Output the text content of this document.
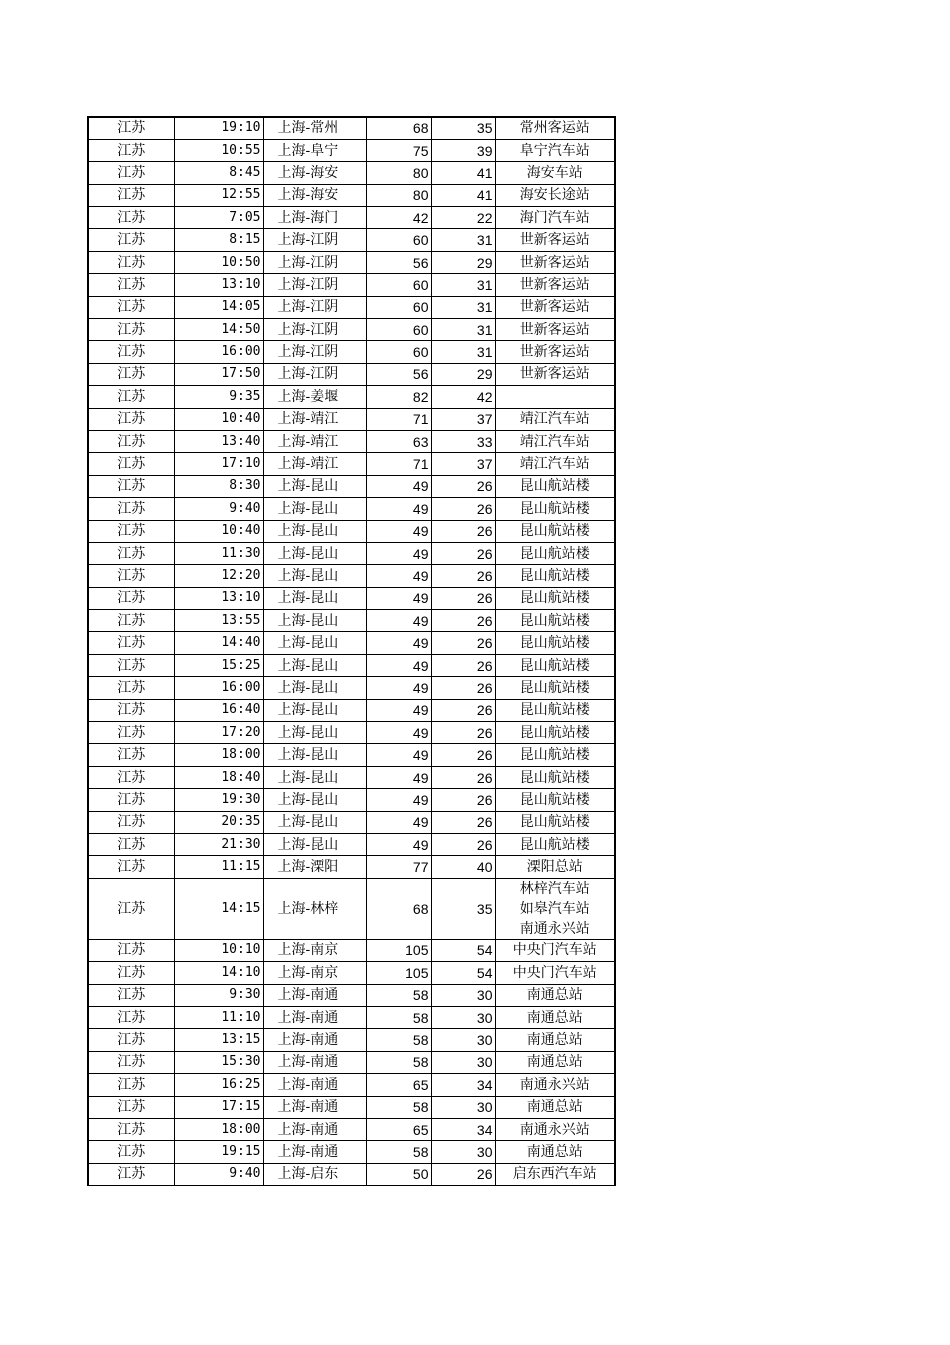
江苏	19:10	上海-常州	68	35	常州客运站
江苏	10:55	上海-阜宁	75	39	阜宁汽车站
江苏	8:45	上海-海安	80	41	海安车站
江苏	12:55	上海-海安	80	41	海安长途站
江苏	7:05	上海-海门	42	22	海门汽车站
江苏	8:15	上海-江阴	60	31	世新客运站
江苏	10:50	上海-江阴	56	29	世新客运站
江苏	13:10	上海-江阴	60	31	世新客运站
江苏	14:05	上海-江阴	60	31	世新客运站
江苏	14:50	上海-江阴	60	31	世新客运站
江苏	16:00	上海-江阴	60	31	世新客运站
江苏	17:50	上海-江阴	56	29	世新客运站
江苏	9:35	上海-姜堰	82	42	
江苏	10:40	上海-靖江	71	37	靖江汽车站
江苏	13:40	上海-靖江	63	33	靖江汽车站
江苏	17:10	上海-靖江	71	37	靖江汽车站
江苏	8:30	上海-昆山	49	26	昆山航站楼
江苏	9:40	上海-昆山	49	26	昆山航站楼
江苏	10:40	上海-昆山	49	26	昆山航站楼
江苏	11:30	上海-昆山	49	26	昆山航站楼
江苏	12:20	上海-昆山	49	26	昆山航站楼
江苏	13:10	上海-昆山	49	26	昆山航站楼
江苏	13:55	上海-昆山	49	26	昆山航站楼
江苏	14:40	上海-昆山	49	26	昆山航站楼
江苏	15:25	上海-昆山	49	26	昆山航站楼
江苏	16:00	上海-昆山	49	26	昆山航站楼
江苏	16:40	上海-昆山	49	26	昆山航站楼
江苏	17:20	上海-昆山	49	26	昆山航站楼
江苏	18:00	上海-昆山	49	26	昆山航站楼
江苏	18:40	上海-昆山	49	26	昆山航站楼
江苏	19:30	上海-昆山	49	26	昆山航站楼
江苏	20:35	上海-昆山	49	26	昆山航站楼
江苏	21:30	上海-昆山	49	26	昆山航站楼
江苏	11:15	上海-溧阳	77	40	溧阳总站
江苏	14:15	上海-林梓	68	35	林梓汽车站
如皋汽车站
南通永兴站
江苏	10:10	上海-南京	105	54	中央门汽车站
江苏	14:10	上海-南京	105	54	中央门汽车站
江苏	9:30	上海-南通	58	30	南通总站
江苏	11:10	上海-南通	58	30	南通总站
江苏	13:15	上海-南通	58	30	南通总站
江苏	15:30	上海-南通	58	30	南通总站
江苏	16:25	上海-南通	65	34	南通永兴站
江苏	17:15	上海-南通	58	30	南通总站
江苏	18:00	上海-南通	65	34	南通永兴站
江苏	19:15	上海-南通	58	30	南通总站
江苏	9:40	上海-启东	50	26	启东西汽车站
